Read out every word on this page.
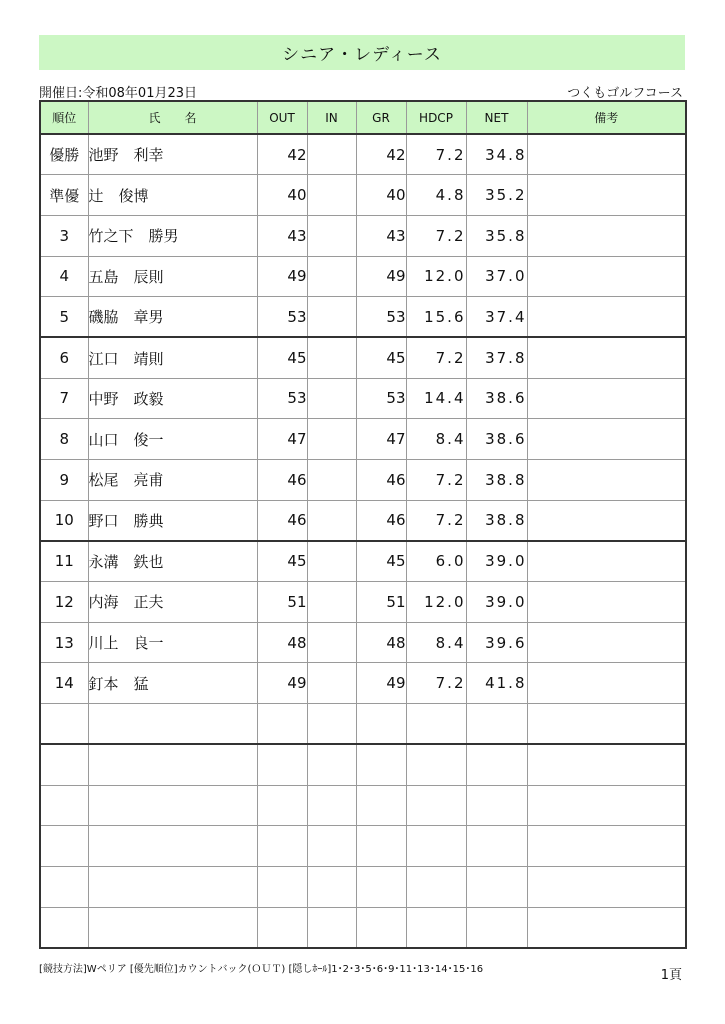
シニア・レディース
開催日:令和08年01月23日	つくもゴルフコース
順位	氏　　名	OUT	IN	GR	HDCP	NET	備考
優勝	池野　利幸	42		42	7.2	34.8	
準優	辻　俊博	40		40	4.8	35.2	
3	竹之下　勝男	43		43	7.2	35.8	
4	五島　辰則	49		49	12.0	37.0	
5	磯脇　章男	53		53	15.6	37.4	
6	江口　靖則	45		45	7.2	37.8	
7	中野　政毅	53		53	14.4	38.6	
8	山口　俊一	47		47	8.4	38.6	
9	松尾　亮甫	46		46	7.2	38.8	
10	野口　勝典	46		46	7.2	38.8	
11	永溝　鉄也	45		45	6.0	39.0	
12	内海　正夫	51		51	12.0	39.0	
13	川上　良一	48		48	8.4	39.6	
14	釘本　猛	49		49	7.2	41.8	

[競技方法]Wペリア [優先順位]カウントバック(ＯＵＴ) [隠しﾎｰﾙ]1･2･3･5･6･9･11･13･14･15･16	1頁
